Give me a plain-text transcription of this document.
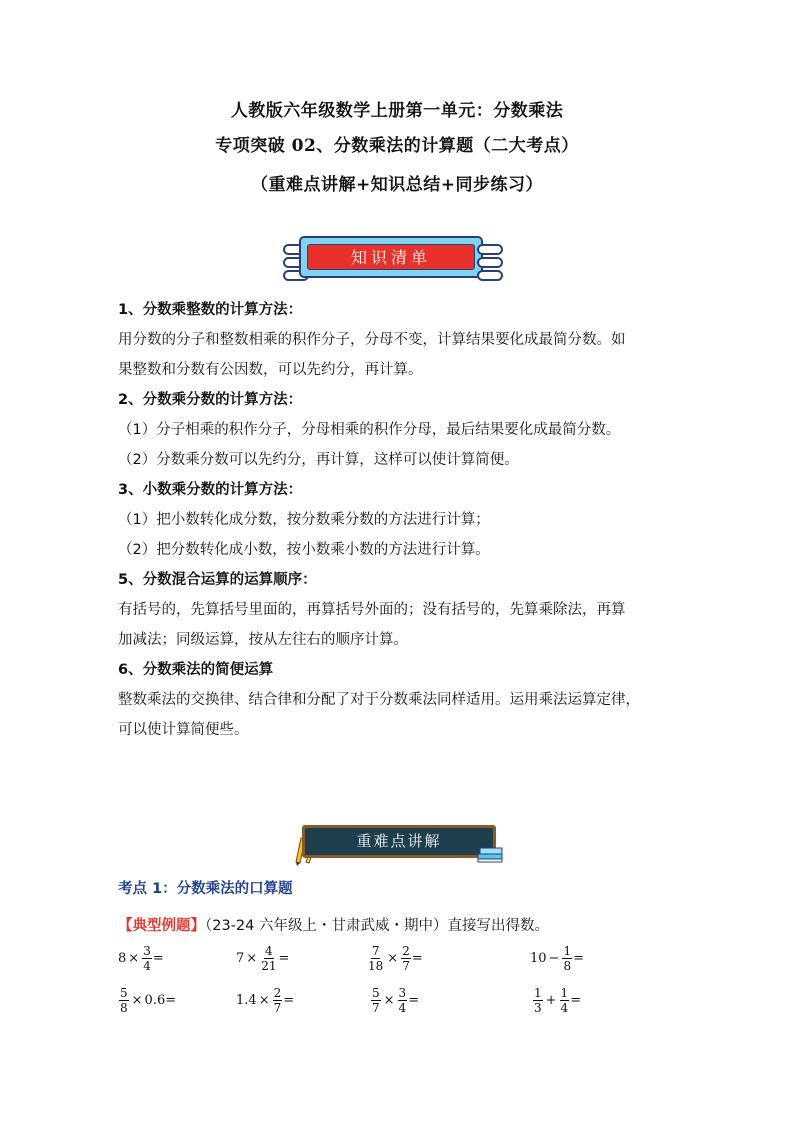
人教版六年级数学上册第一单元：分数乘法
专项突破 02、分数乘法的计算题（二大考点）
（重难点讲解+知识总结+同步练习）
知识清单

1、分数乘整数的计算方法：

用分数的分子和整数相乘的积作分子，分母不变，计算结果要化成最简分数。如

果整数和分数有公因数，可以先约分，再计算。

2、分数乘分数的计算方法：

（1）分子相乘的积作分子，分母相乘的积作分母，最后结果要化成最简分数。

（2）分数乘分数可以先约分，再计算，这样可以使计算简便。

3、小数乘分数的计算方法：

（1）把小数转化成分数，按分数乘分数的方法进行计算；

（2）把分数转化成小数，按小数乘小数的方法进行计算。

5、分数混合运算的运算顺序：

有括号的，先算括号里面的，再算括号外面的；没有括号的，先算乘除法，再算

加减法；同级运算，按从左往右的顺序计算。

6、分数乘法的简便运算

整数乘法的交换律、结合律和分配了对于分数乘法同样适用。运用乘法运算定律，

可以使计算简便些。

重难点讲解
考点 1：分数乘法的口算题
【典型例题】（23-24 六年级上・甘肃武威・期中）直接写出得数。
$8 \times \frac{3}{4}$ =	$7 \times \frac{4}{21}$ =	$\frac{7}{18} \times \frac{2}{7}$ =	$10 - \frac{1}{8}$ =
$\frac{5}{8} \times 0.6$ =	$1.4 \times \frac{2}{7}$ =	$\frac{5}{7} \times \frac{3}{4}$ =	$\frac{1}{3} + \frac{1}{4}$ =
